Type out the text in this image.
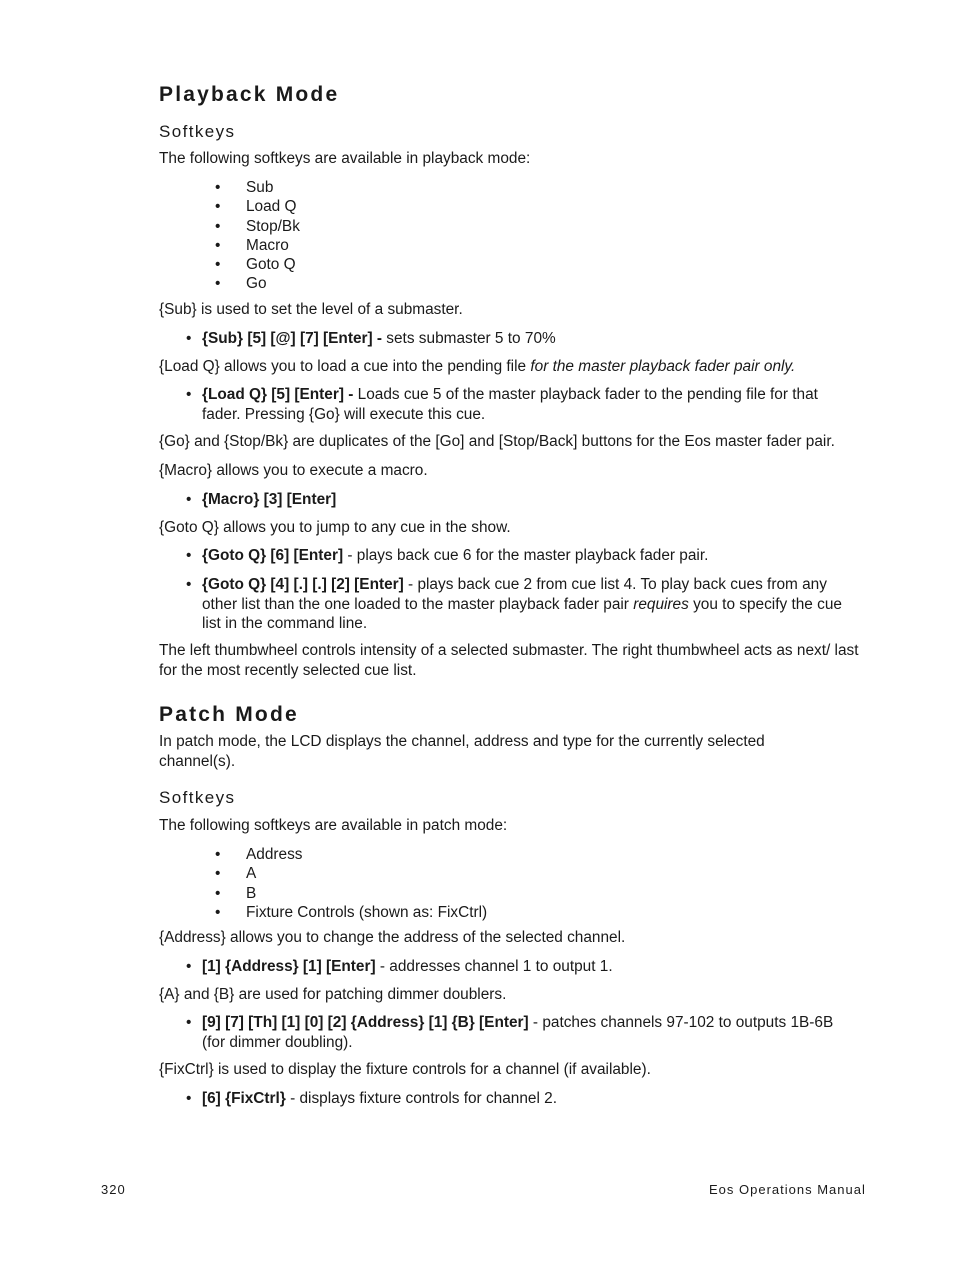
Playback Mode
Softkeys

The following softkeys are available in playback mode:

• Sub
• Load Q
• Stop/Bk
• Macro
• Goto Q
• Go

{Sub} is used to set the level of a submaster.

• {Sub} [5] [@] [7] [Enter] - sets submaster 5 to 70%

{Load Q} allows you to load a cue into the pending file for the master playback fader pair only.

• {Load Q} [5] [Enter] - Loads cue 5 of the master playback fader to the pending file for that fader. Pressing {Go} will execute this cue.

{Go} and {Stop/Bk} are duplicates of the [Go] and [Stop/Back] buttons for the Eos master fader pair.

{Macro} allows you to execute a macro.

• {Macro} [3] [Enter]

{Goto Q} allows you to jump to any cue in the show.

• {Goto Q} [6] [Enter] - plays back cue 6 for the master playback fader pair.
• {Goto Q} [4] [.] [.] [2] [Enter] - plays back cue 2 from cue list 4. To play back cues from any other list than the one loaded to the master playback fader pair requires you to specify the cue list in the command line.

The left thumbwheel controls intensity of a selected submaster. The right thumbwheel acts as next/ last for the most recently selected cue list.

Patch Mode

In patch mode, the LCD displays the channel, address and type for the currently selected channel(s).

Softkeys

The following softkeys are available in patch mode:

• Address
• A
• B
• Fixture Controls (shown as: FixCtrl)

{Address} allows you to change the address of the selected channel.

• [1] {Address} [1] [Enter] - addresses channel 1 to output 1.

{A} and {B} are used for patching dimmer doublers.

• [9] [7] [Th] [1] [0] [2] {Address} [1] {B} [Enter] - patches channels 97-102 to outputs 1B-6B (for dimmer doubling).

{FixCtrl} is used to display the fixture controls for a channel (if available).

• [6] {FixCtrl} - displays fixture controls for channel 2.
320	Eos Operations Manual
